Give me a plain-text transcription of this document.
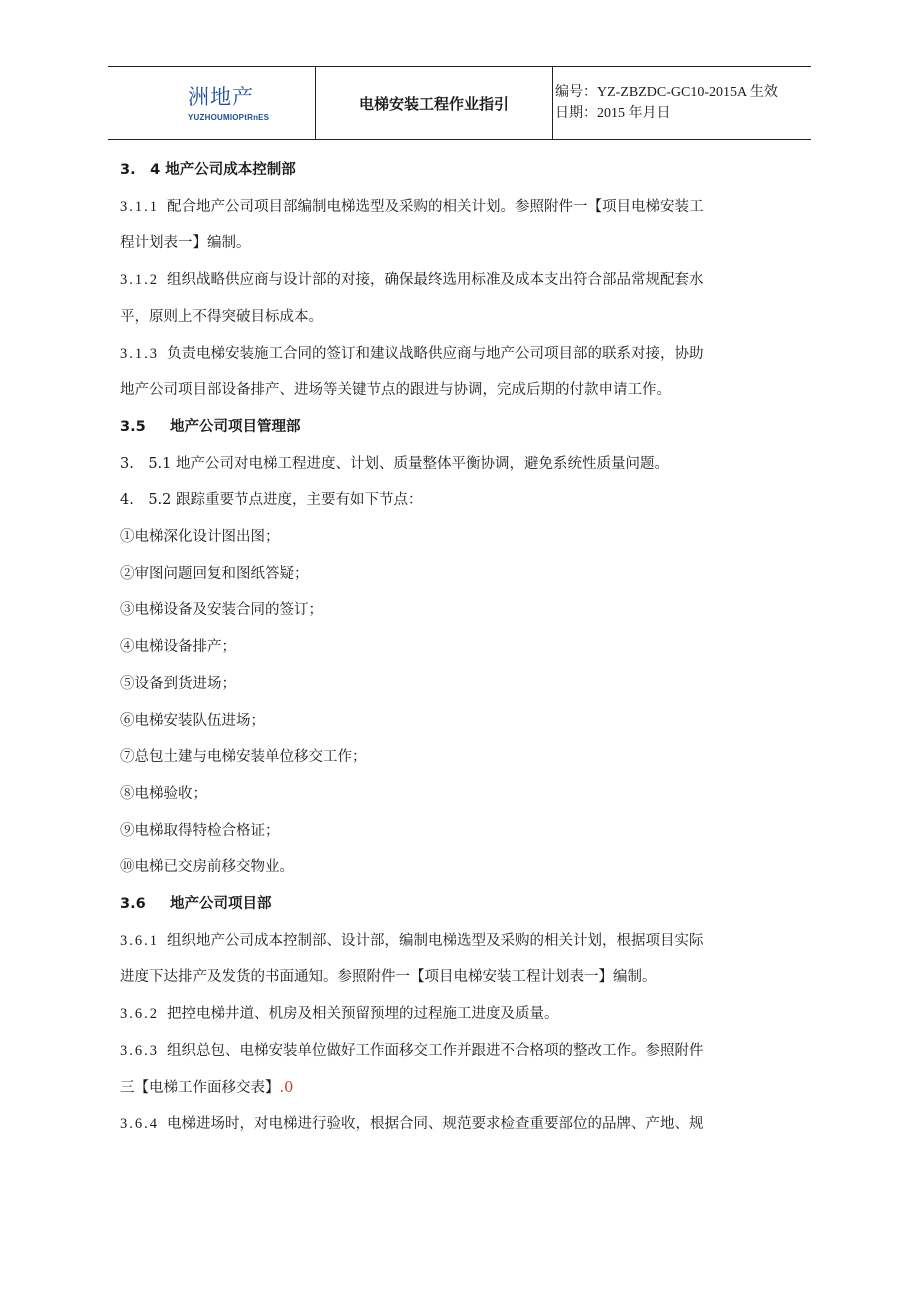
洲地产
YUZHOUMIOPtRnES
电梯安装工程作业指引
编号：YZ-ZBZDC-GC10-2015A 生效
日期：2015 年月日

3.　4 地产公司成本控制部

3.1.1 配合地产公司项目部编制电梯选型及采购的相关计划。参照附件一【项目电梯安装工

程计划表一】编制。

3.1.2 组织战略供应商与设计部的对接，确保最终选用标准及成本支出符合部品常规配套水

平，原则上不得突破目标成本。

3.1.3 负责电梯安装施工合同的签订和建议战略供应商与地产公司项目部的联系对接，协助

地产公司项目部设备排产、进场等关键节点的跟进与协调，完成后期的付款申请工作。

3.5 地产公司项目管理部

3.　5.1 地产公司对电梯工程进度、计划、质量整体平衡协调，避免系统性质量问题。

4.　5.2 跟踪重要节点进度，主要有如下节点：

①电梯深化设计图出图；

②审图问题回复和图纸答疑；

③电梯设备及安装合同的签订；

④电梯设备排产；

⑤设备到货进场；

⑥电梯安装队伍进场；

⑦总包土建与电梯安装单位移交工作；

⑧电梯验收；

⑨电梯取得特检合格证；

⑩电梯已交房前移交物业。

3.6 地产公司项目部

3.6.1 组织地产公司成本控制部、设计部，编制电梯选型及采购的相关计划，根据项目实际

进度下达排产及发货的书面通知。参照附件一【项目电梯安装工程计划表一】编制。

3.6.2 把控电梯井道、机房及相关预留预埋的过程施工进度及质量。

3.6.3 组织总包、电梯安装单位做好工作面移交工作并跟进不合格项的整改工作。参照附件

三【电梯工作面移交表】.0

3.6.4 电梯进场时，对电梯进行验收，根据合同、规范要求检查重要部位的品牌、产地、规
